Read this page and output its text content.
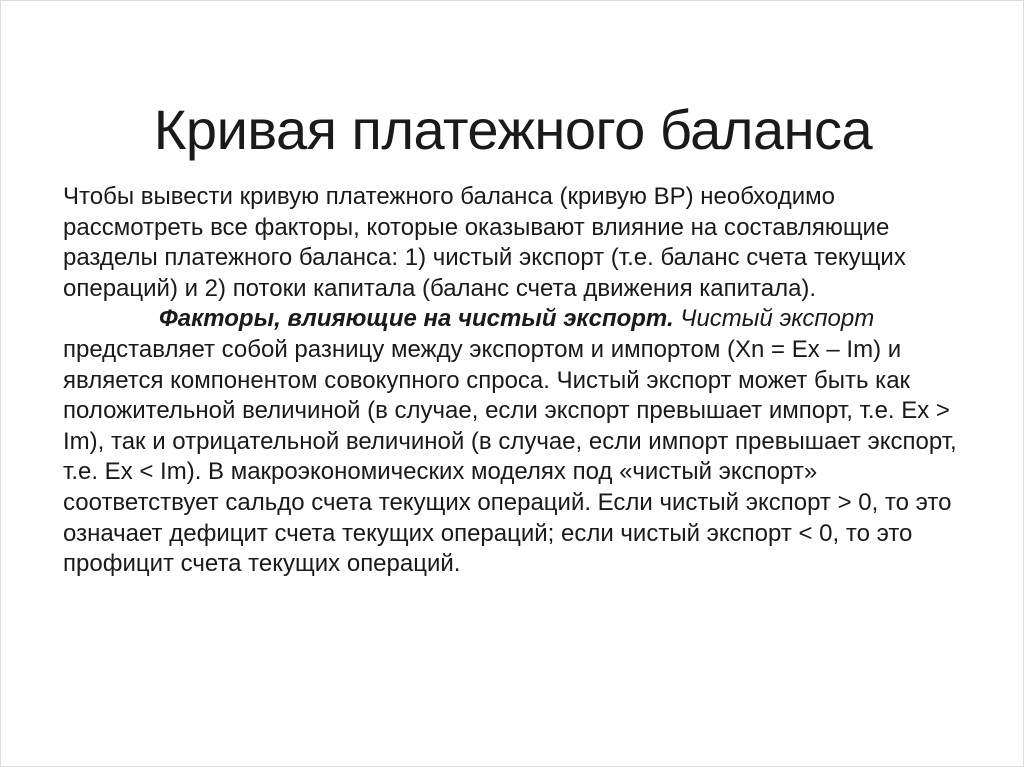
Кривая платежного баланса

Чтобы вывести кривую платежного баланса (кривую BP) необходимо рассмотреть все факторы, которые оказывают влияние на составляющие разделы платежного баланса: 1) чистый экспорт (т.е. баланс счета текущих операций) и 2) потоки капитала (баланс счета движения капитала).

Факторы, влияющие на чистый экспорт. Чистый экспорт представляет собой разницу между экспортом и импортом (Xn = Ex – Im) и является компонентом совокупного спроса. Чистый экспорт может быть как положительной величиной (в случае, если экспорт превышает импорт, т.е. Ex > Im), так и отрицательной величиной (в случае, если импорт превышает экспорт, т.е. Ex < Im). В макроэкономических моделях под «чистый экспорт» соответствует сальдо счета текущих операций. Если чистый экспорт > 0, то это означает дефицит счета текущих операций; если чистый экспорт < 0, то это профицит счета текущих операций.
